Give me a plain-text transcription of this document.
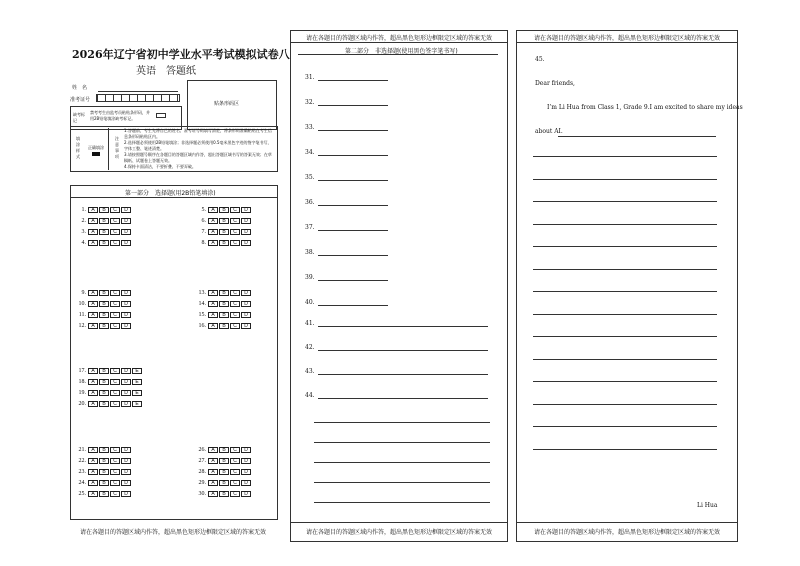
请在各题目的答题区域内作答，超出黑色矩形边框限定区域的答案无效	请在各题目的答题区域内作答，超出黑色矩形边框限定区域的答案无效
请在各题目的答题区域内作答，超出黑色矩形边框限定区域的答案无效	请在各题目的答题区域内作答，超出黑色矩形边框限定区域的答案无效	请在各题目的答题区域内作答，超出黑色矩形边框限定区域的答案无效
2026年辽宁省初中学业水平考试模拟试卷八
英语　答题纸
姓　名
准考证号
缺考标记
禁考考生由监考员粘贴条形码，并用2B铅笔填涂缺考标记。
贴条形码区
填涂样式
正确填涂
注意事项
1.答题前，考生先将自己的姓名、准考证号码填写清楚，将条形码准确粘贴在考生信息条形码粘贴区内。
2.选择题必须使用2B铅笔填涂；非选择题必须使用0.5毫米黑色字迹的签字笔书写，字体工整、笔迹清楚。
3.请按照题号顺序在各题目的答题区域内作答，超出答题区域书写的答案无效；在草稿纸、试题卷上答题无效。
4.保持卡面清洁，不要折叠、不要弄破。
第一部分　选择题(用2B铅笔填涂)
1.	A	B	C	D
2.	A	B	C	D
3.	A	B	C	D
4.	A	B	C	D
5.	A	B	C	D
6.	A	B	C	D
7.	A	B	C	D
8.	A	B	C	D
9.	A	B	C	D
10.	A	B	C	D
11.	A	B	C	D
12.	A	B	C	D
13.	A	B	C	D
14.	A	B	C	D
15.	A	B	C	D
16.	A	B	C	D
17.	A	B	C	D	E
18.	A	B	C	D	E
19.	A	B	C	D	E
20.	A	B	C	D	E
21.	A	B	C	D
22.	A	B	C	D
23.	A	B	C	D
24.	A	B	C	D
25.	A	B	C	D
26.	A	B	C	D
27.	A	B	C	D
28.	A	B	C	D
29.	A	B	C	D
30.	A	B	C	D
第二部分　非选择题(使用黑色签字笔书写)
31.
32.
33.
34.
35.
36.
37.
38.
39.
40.
41.
42.
43.
44.
45.
Dear friends,
I’m Li Hua from Class 1, Grade 9.I am excited to share my ideas
about AI.
Li Hua
